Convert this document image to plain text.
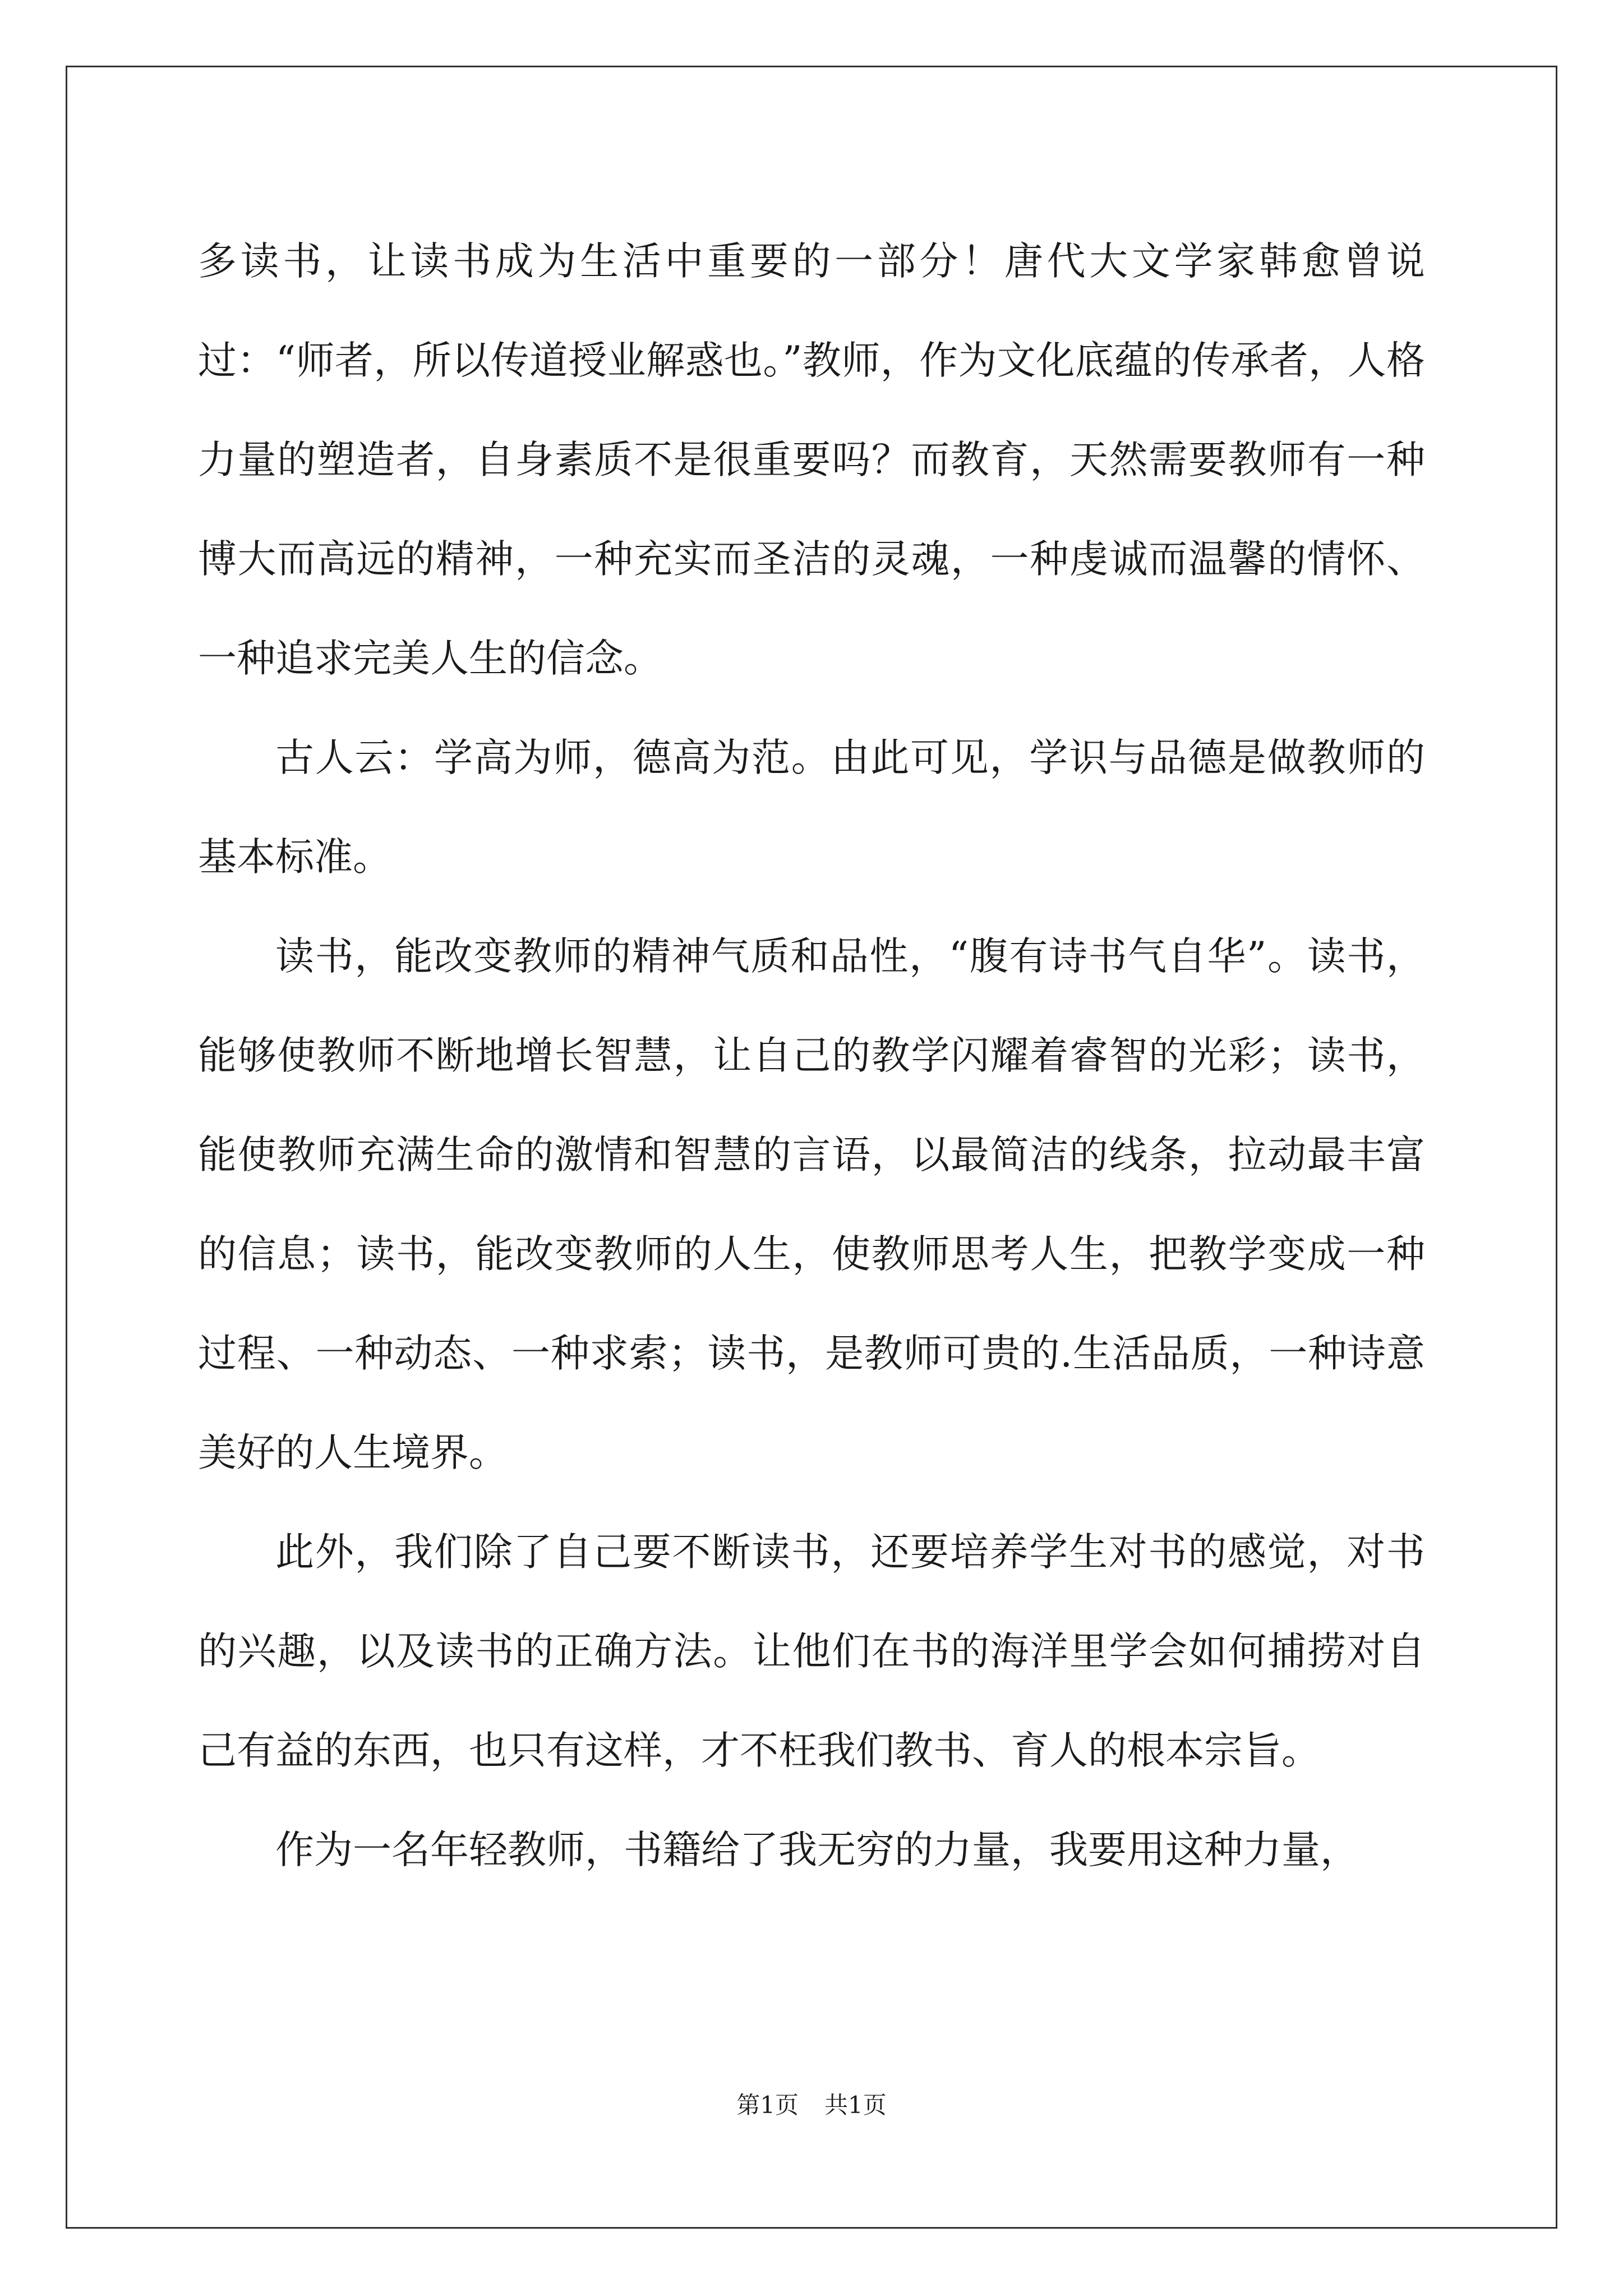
多读书，让读书成为生活中重要的一部分！唐代大文学家韩愈曾说过：“师者，所以传道授业解惑也。”教师，作为文化底蕴的传承者，人格力量的塑造者，自身素质不是很重要吗？而教育，天然需要教师有一种博大而高远的精神，一种充实而圣洁的灵魂，一种虔诚而温馨的情怀、一种追求完美人生的信念。

古人云：学高为师，德高为范。由此可见，学识与品德是做教师的基本标准。

读书，能改变教师的精神气质和品性，“腹有诗书气自华”。读书，能够使教师不断地增长智慧，让自己的教学闪耀着睿智的光彩；读书，能使教师充满生命的激情和智慧的言语，以最简洁的线条，拉动最丰富的信息；读书，能改变教师的人生，使教师思考人生，把教学变成一种过程、一种动态、一种求索；读书，是教师可贵的.生活品质，一种诗意美好的人生境界。

此外，我们除了自己要不断读书，还要培养学生对书的感觉，对书的兴趣，以及读书的正确方法。让他们在书的海洋里学会如何捕捞对自己有益的东西，也只有这样，才不枉我们教书、育人的根本宗旨。

作为一名年轻教师，书籍给了我无穷的力量，我要用这种力量，

第1页 共1页
